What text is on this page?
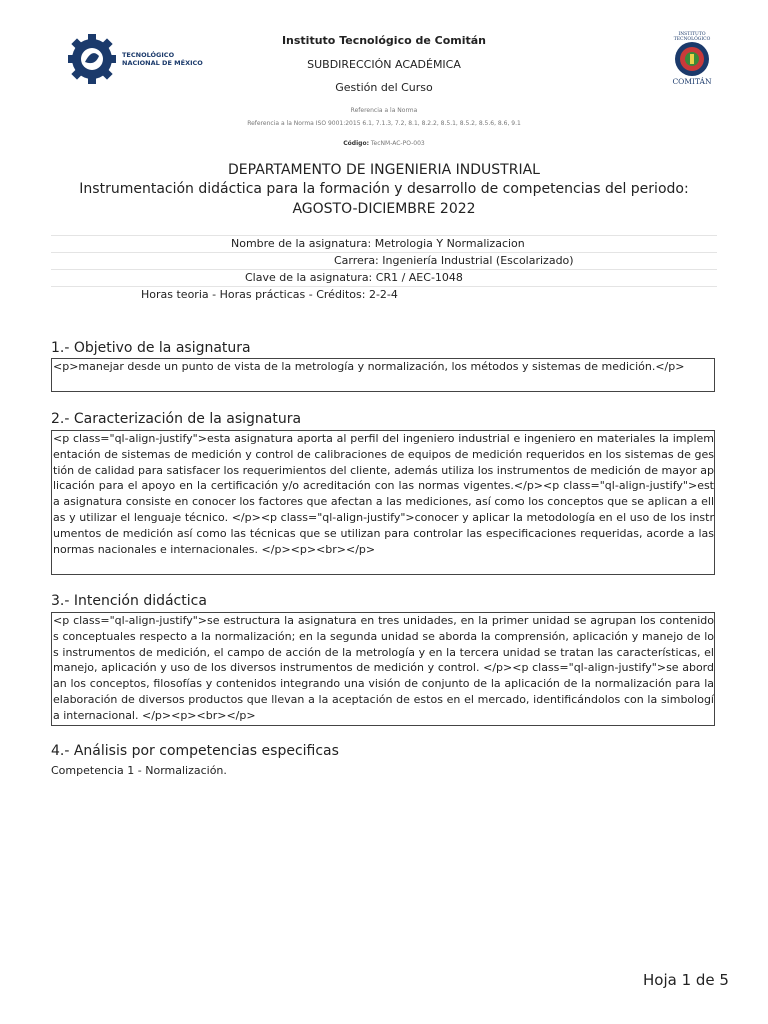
TECNOLÓGICO
NACIONAL DE MÉXICO
INSTITUTO
TECNOLÓGICO
COMITÁN
Instituto Tecnológico de Comitán
SUBDIRECCIÓN ACADÉMICA
Gestión del Curso
Referencia a la Norma
Referencia a la Norma ISO 9001:2015 6.1, 7.1.3, 7.2, 8.1, 8.2.2, 8.5.1, 8.5.2, 8.5.6, 8.6, 9.1
Código: TecNM-AC-PO-003
DEPARTAMENTO DE INGENIERIA INDUSTRIAL
Instrumentación didáctica para la formación y desarrollo de competencias del periodo:
AGOSTO-DICIEMBRE 2022
Nombre de la asignatura: Metrologia Y Normalizacion
Carrera: Ingeniería Industrial (Escolarizado)
Clave de la asignatura: CR1 / AEC-1048
Horas teoria - Horas prácticas - Créditos: 2-2-4
1.- Objetivo de la asignatura
<p>manejar desde un punto de vista de la metrología y normalización, los métodos y sistemas de medición.</p>
2.- Caracterización de la asignatura
<p class="ql-align-justify">esta asignatura aporta al perfil del ingeniero industrial e ingeniero en materiales la implementación de sistemas de medición y control de calibraciones de equipos de medición requeridos en los sistemas de gestión de calidad para satisfacer los requerimientos del cliente, además utiliza los instrumentos de medición de mayor aplicación para el apoyo en la certificación y/o acreditación con las normas vigentes.</p><p class="ql-align-justify">esta asignatura consiste en conocer los factores que afectan a las mediciones, así como los conceptos que se aplican a ellas y utilizar el lenguaje técnico. </p><p class="ql-align-justify">conocer y aplicar la metodología en el uso de los instrumentos de medición así como las técnicas que se utilizan para controlar las especificaciones requeridas, acorde a las normas nacionales e internacionales. </p><p><br></p>
3.- Intención didáctica
<p class="ql-align-justify">se estructura la asignatura en tres unidades, en la primer unidad se agrupan los contenidos conceptuales respecto a la normalización; en la segunda unidad se aborda la comprensión, aplicación y manejo de los instrumentos de medición, el campo de acción de la metrología y en la tercera unidad se tratan las características, el manejo, aplicación y uso de los diversos instrumentos de medición y control. </p><p class="ql-align-justify">se abordan los conceptos, filosofías y contenidos integrando una visión de conjunto de la aplicación de la normalización para la elaboración de diversos productos que llevan a la aceptación de estos en el mercado, identificándolos con la simbología internacional. </p><p><br></p>
4.- Análisis por competencias especificas
Competencia 1 - Normalización.
Hoja 1 de 5
